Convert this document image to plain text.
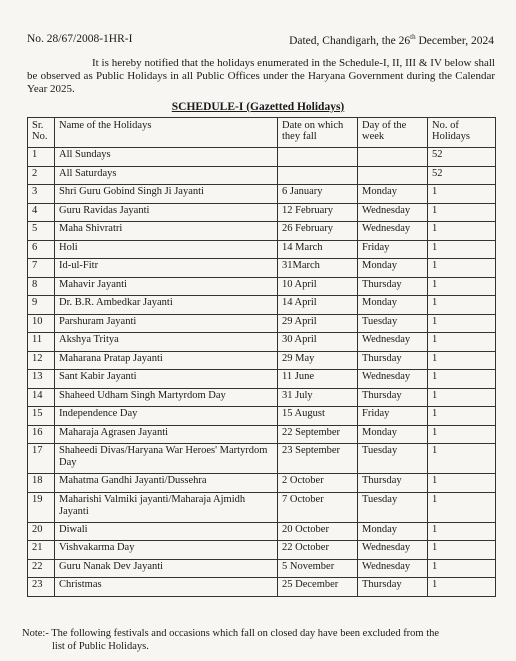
No. 28/67/2008-1HR-I	Dated, Chandigarh, the 26th December, 2024
It is hereby notified that the holidays enumerated in the Schedule-I, II, III & IV below shall be observed as Public Holidays in all Public Offices under the Haryana Government during the Calendar Year 2025.
SCHEDULE-I (Gazetted Holidays)
Sr. No.	Name of the Holidays	Date on which they fall	Day of the week	No. of Holidays
1	All Sundays			52
2	All Saturdays			52
3	Shri Guru Gobind Singh Ji Jayanti	6 January	Monday	1
4	Guru Ravidas Jayanti	12 February	Wednesday	1
5	Maha Shivratri	26 February	Wednesday	1
6	Holi	14 March	Friday	1
7	Id-ul-Fitr	31March	Monday	1
8	Mahavir Jayanti	10 April	Thursday	1
9	Dr. B.R. Ambedkar Jayanti	14 April	Monday	1
10	Parshuram Jayanti	29 April	Tuesday	1
11	Akshya Tritya	30 April	Wednesday	1
12	Maharana Pratap Jayanti	29 May	Thursday	1
13	Sant Kabir Jayanti	11 June	Wednesday	1
14	Shaheed Udham Singh Martyrdom Day	31 July	Thursday	1
15	Independence Day	15 August	Friday	1
16	Maharaja Agrasen Jayanti	22 September	Monday	1
17	Shaheedi Divas/Haryana War Heroes' Martyrdom Day	23 September	Tuesday	1
18	Mahatma Gandhi Jayanti/Dussehra	2 October	Thursday	1
19	Maharishi Valmiki jayanti/Maharaja Ajmidh Jayanti	7 October	Tuesday	1
20	Diwali	20 October	Monday	1
21	Vishvakarma Day	22 October	Wednesday	1
22	Guru Nanak Dev Jayanti	5 November	Wednesday	1
23	Christmas	25 December	Thursday	1
Note:- The following festivals and occasions which fall on closed day have been excluded from the
list of Public Holidays.
